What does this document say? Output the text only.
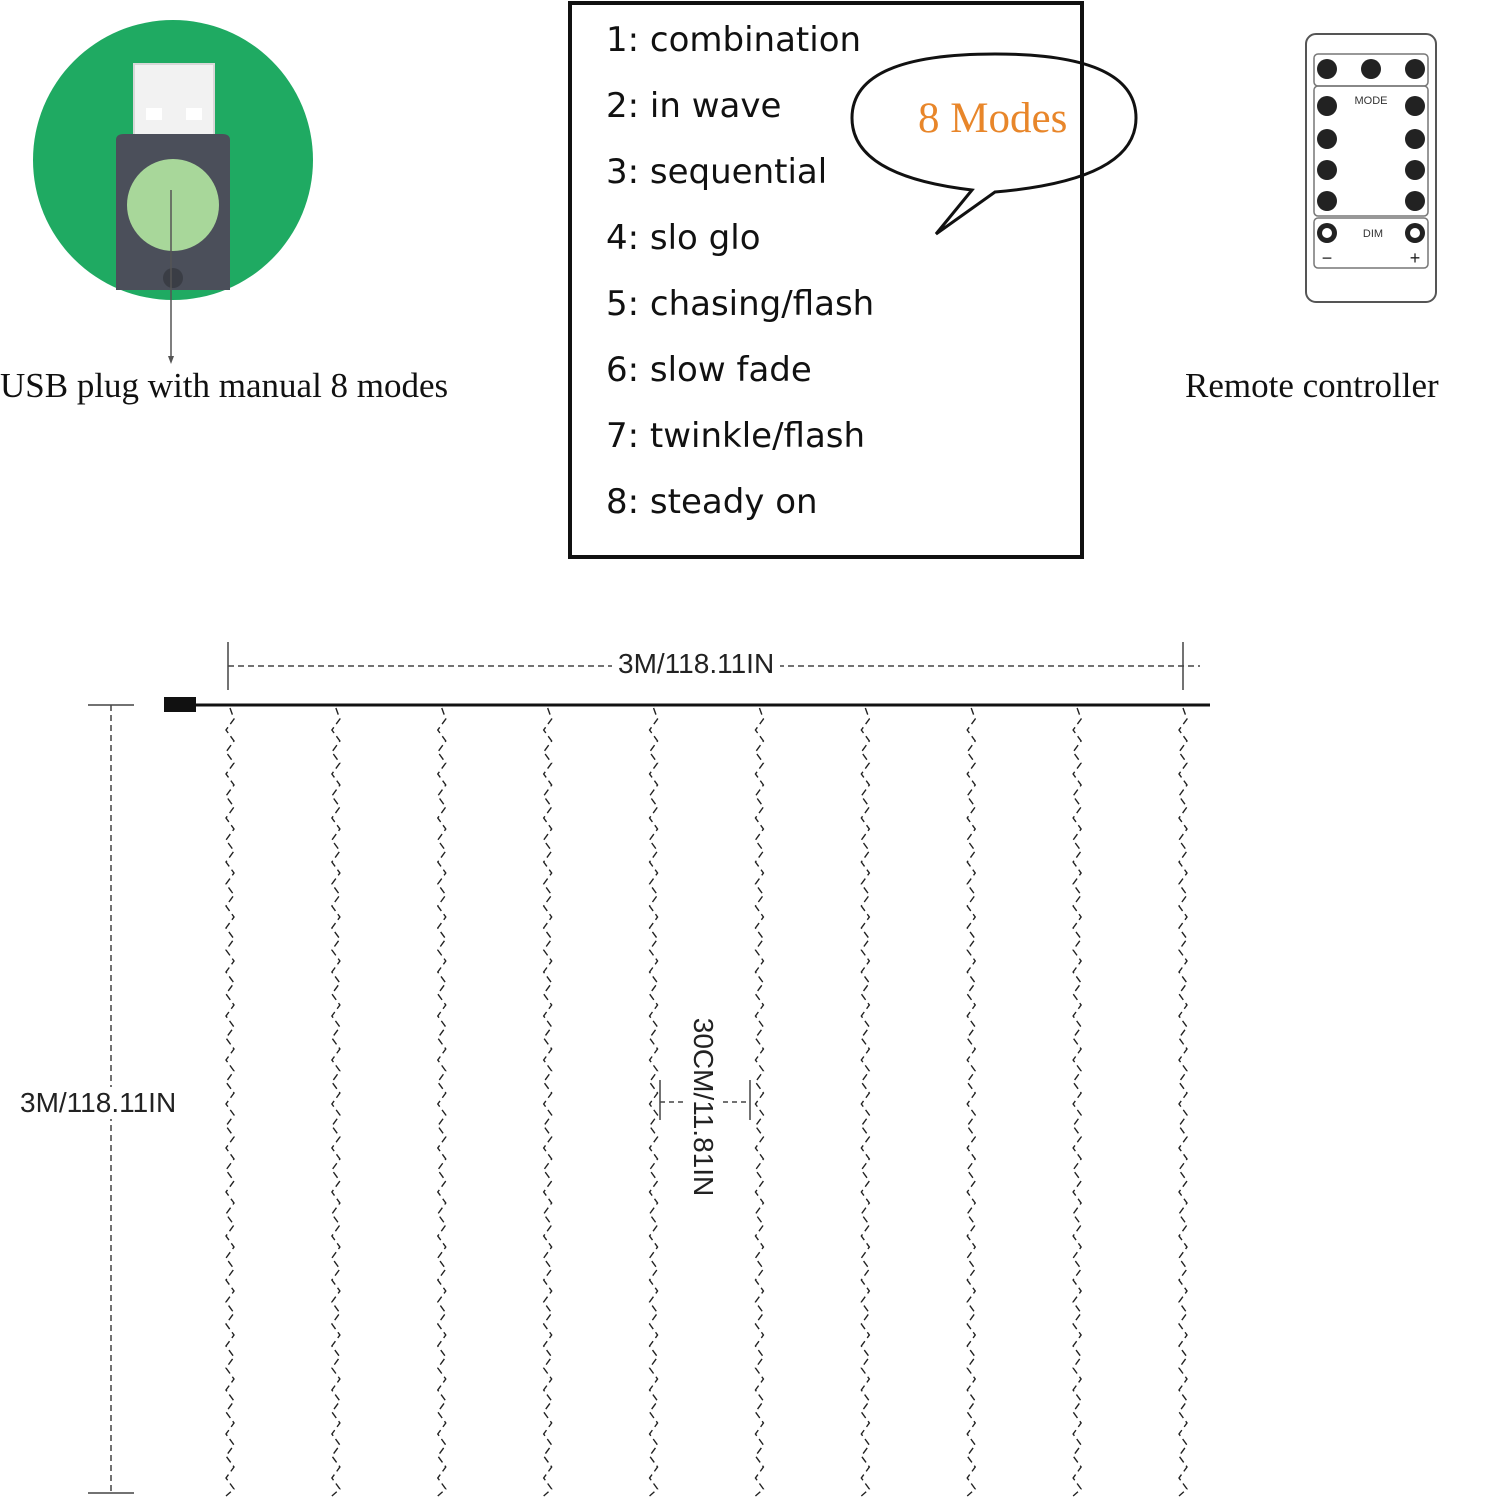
MODE
DIM
−	+
USB plug with manual 8 modes	Remote controller
1: combination
2: in wave
3: sequential
4: slo glo
5: chasing/flash
6: slow fade
7: twinkle/flash
8: steady on
8 Modes
3M/118.11IN
3M/118.11IN	30CM/11.81IN
